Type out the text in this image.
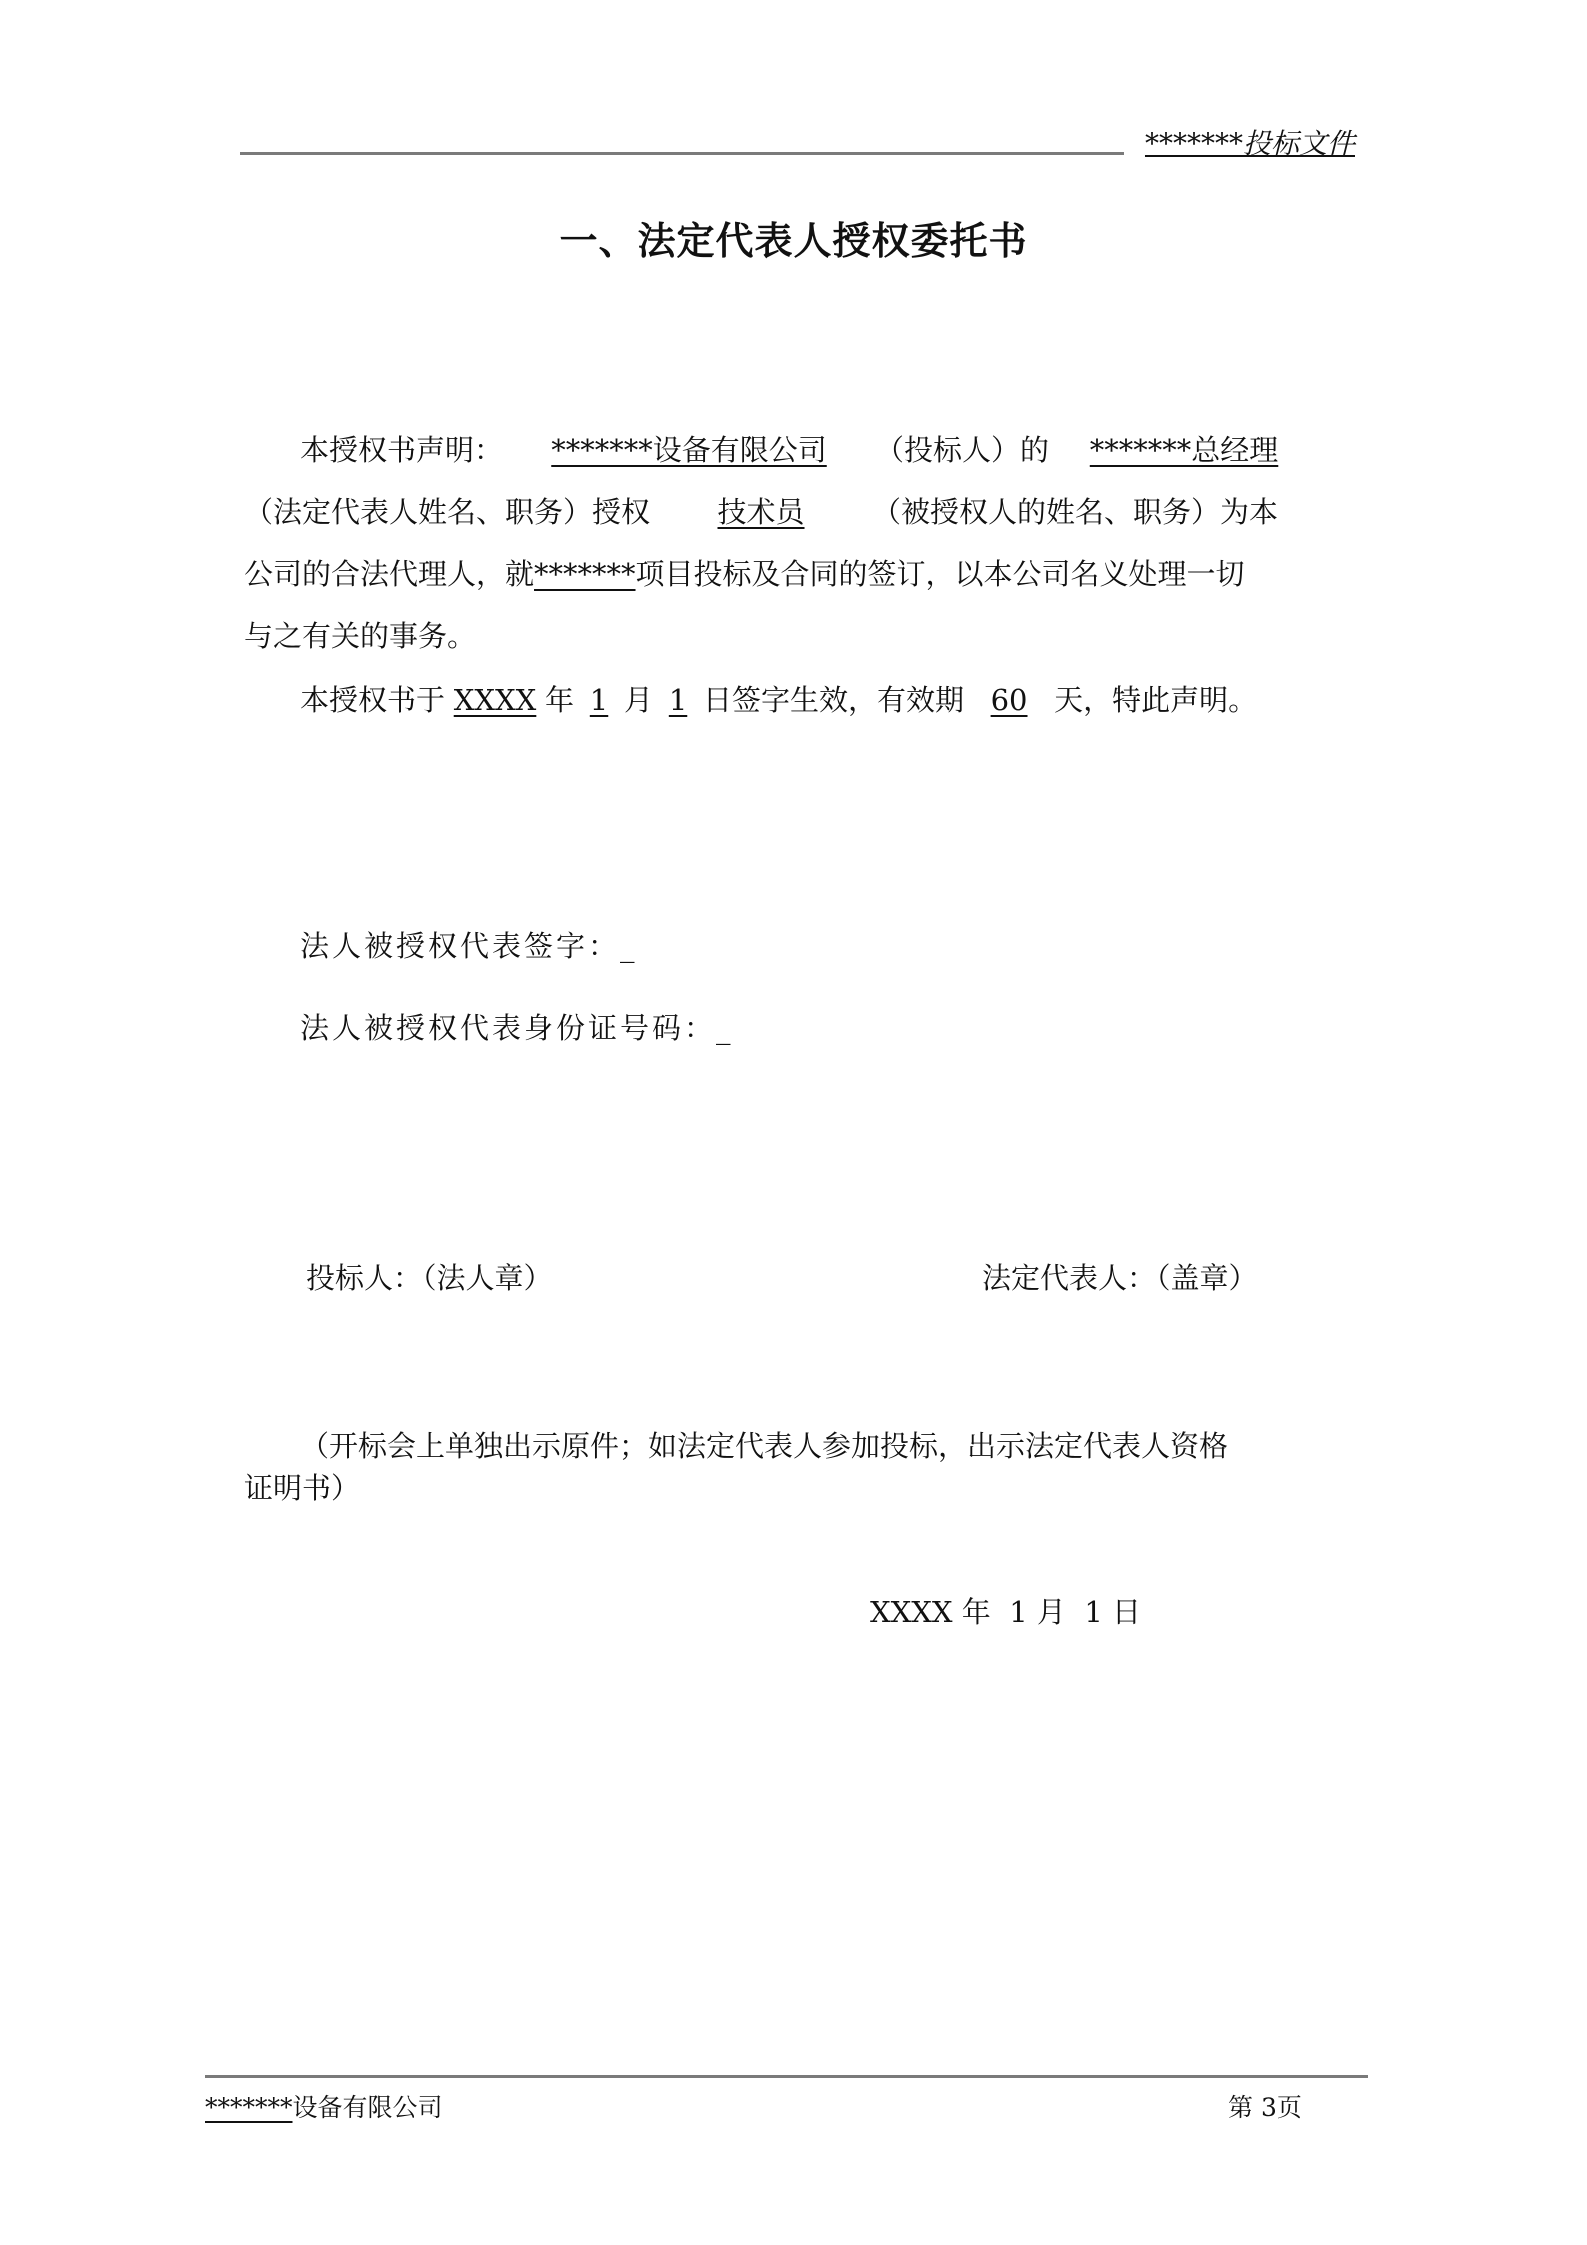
*******投标文件
一、法定代表人授权委托书
本授权书声明： *******设备有限公司 （投标人）的 *******总经理
（法定代表人姓名、职务）授权 技术员 （被授权人的姓名、职务）为本
公司的合法代理人，就*******项目投标及合同的签订，以本公司名义处理一切
与之有关的事务。
本授权书于 XXXX 年 1 月 1 日签字生效，有效期 60 天，特此声明。
法人被授权代表签字：_
法人被授权代表身份证号码：_
投标人：（法人章）	法定代表人：（盖章）
（开标会上单独出示原件；如法定代表人参加投标，出示法定代表人资格
证明书）
XXXX 年  1 月  1 日
*******设备有限公司	第 3页
